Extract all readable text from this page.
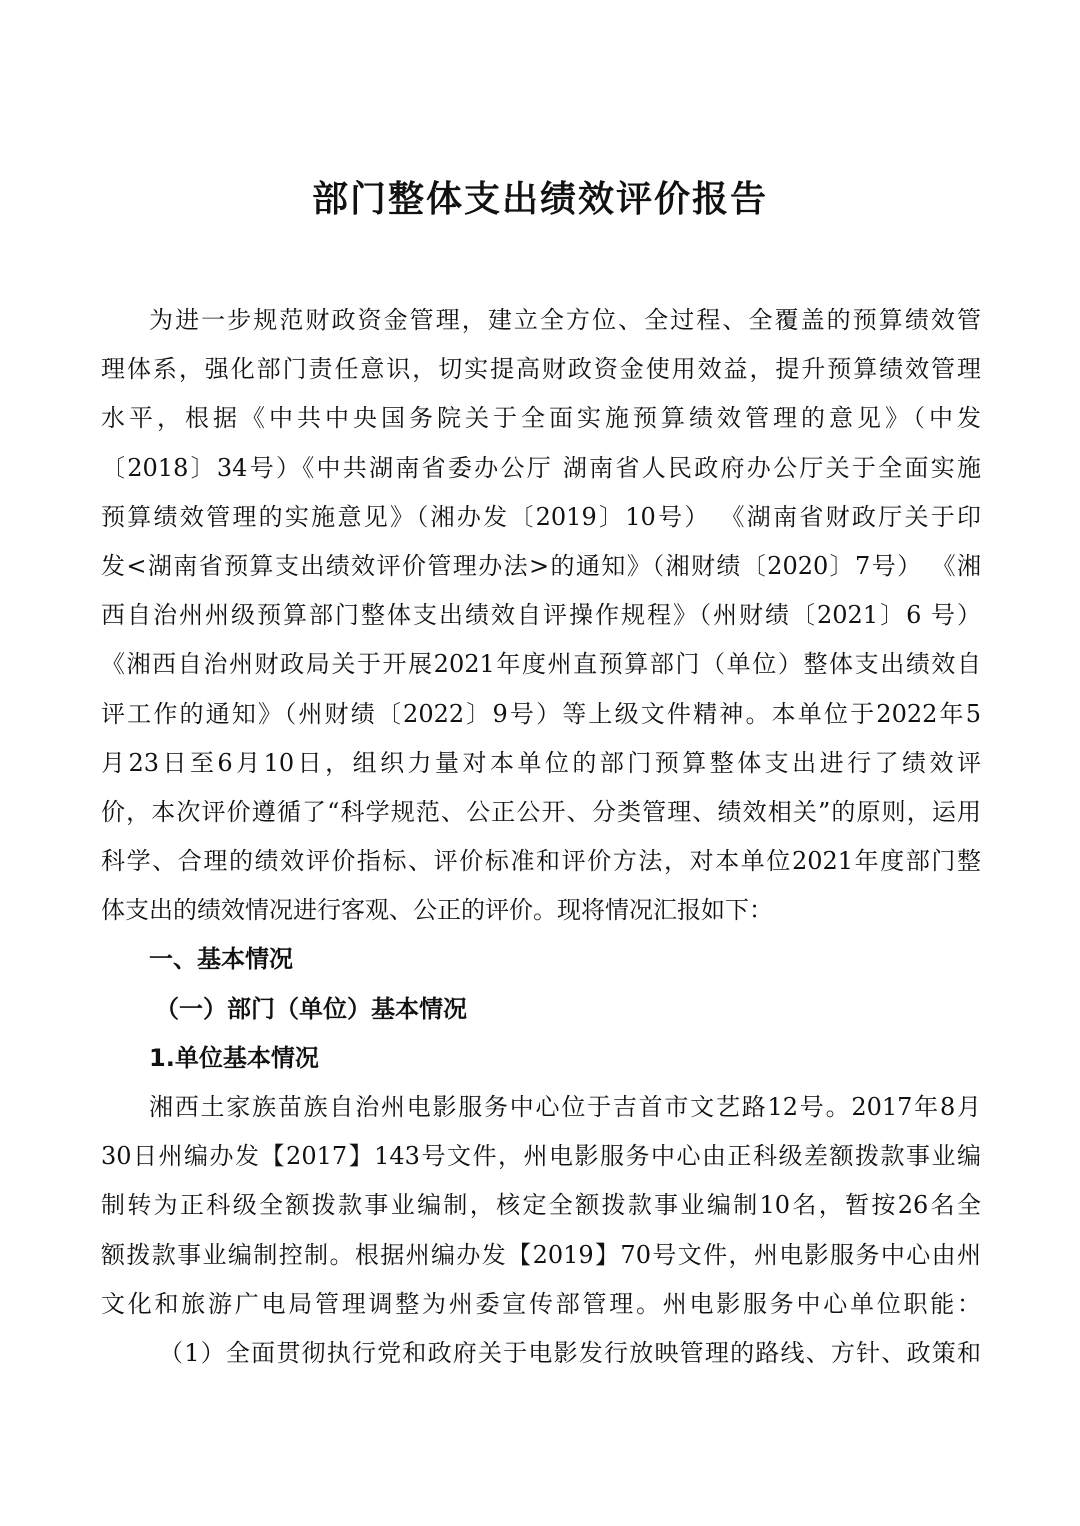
部门整体支出绩效评价报告
为进一步规范财政资金管理，建立全方位、全过程、全覆盖的预算绩效管
理体系，强化部门责任意识，切实提高财政资金使用效益，提升预算绩效管理
水平，根据《中共中央国务院关于全面实施预算绩效管理的意见》（中发
〔2018〕34号）《中共湖南省委办公厅 湖南省人民政府办公厅关于全面实施
预算绩效管理的实施意见》（湘办发〔2019〕10号） 《湖南省财政厅关于印
发<湖南省预算支出绩效评价管理办法>的通知》（湘财绩〔2020〕7号） 《湘
西自治州州级预算部门整体支出绩效自评操作规程》（州财绩〔2021〕6 号）
《湘西自治州财政局关于开展2021年度州直预算部门（单位）整体支出绩效自
评工作的通知》（州财绩〔2022〕9号）等上级文件精神。本单位于2022年5
月23日至6月10日，组织力量对本单位的部门预算整体支出进行了绩效评
价，本次评价遵循了“科学规范、公正公开、分类管理、绩效相关”的原则，运用
科学、合理的绩效评价指标、评价标准和评价方法，对本单位2021年度部门整
体支出的绩效情况进行客观、公正的评价。现将情况汇报如下：
一、基本情况
（一）部门（单位）基本情况
1.单位基本情况
湘西土家族苗族自治州电影服务中心位于吉首市文艺路12号。2017年8月
30日州编办发【2017】143号文件，州电影服务中心由正科级差额拨款事业编
制转为正科级全额拨款事业编制，核定全额拨款事业编制10名，暂按26名全
额拨款事业编制控制。根据州编办发【2019】70号文件，州电影服务中心由州
文化和旅游广电局管理调整为州委宣传部管理。州电影服务中心单位职能：
（1）全面贯彻执行党和政府关于电影发行放映管理的路线、方针、政策和
